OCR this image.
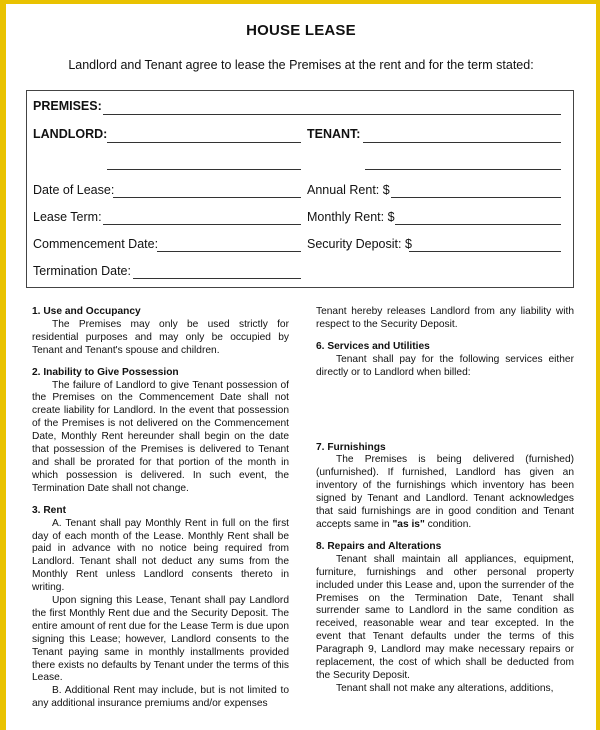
HOUSE LEASE
Landlord and Tenant agree to lease the Premises at the rent and for the term stated:
PREMISES:
LANDLORD:	TENANT:
Date of Lease:	Annual Rent: $
Lease Term:	Monthly Rent: $
Commencement Date:	Security Deposit: $
Termination Date:
1. Use and Occupancy

The Premises may only be used strictly for residential purposes and may only be occupied by Tenant and Tenant's spouse and children.

2. Inability to Give Possession

The failure of Landlord to give Tenant possession of the Premises on the Commencement Date shall not create liability for Landlord. In the event that possession of the Premises is not delivered on the Commencement Date, Monthly Rent hereunder shall begin on the date that possession of the Premises is delivered to Tenant and shall be prorated for that portion of the month in which possession is delivered. In such event, the Termination Date shall not change.

3. Rent

A. Tenant shall pay Monthly Rent in full on the first day of each month of the Lease. Monthly Rent shall be paid in advance with no notice being required from Landlord. Tenant shall not deduct any sums from the Monthly Rent unless Landlord consents thereto in writing.

Upon signing this Lease, Tenant shall pay Landlord the first Monthly Rent due and the Security Deposit. The entire amount of rent due for the Lease Term is due upon signing this Lease; however, Landlord consents to the Tenant paying same in monthly installments provided there exists no defaults by Tenant under the terms of this Lease.

B. Additional Rent may include, but is not limited to any additional insurance premiums and/or expenses

Tenant hereby releases Landlord from any liability with respect to the Security Deposit.

6. Services and Utilities

Tenant shall pay for the following services either directly or to Landlord when billed:

7. Furnishings

The Premises is being delivered (furnished) (unfurnished). If furnished, Landlord has given an inventory of the furnishings which inventory has been signed by Tenant and Landlord. Tenant acknowledges that said furnishings are in good condition and Tenant accepts same in "as is" condition.

8. Repairs and Alterations

Tenant shall maintain all appliances, equipment, furniture, furnishings and other personal property included under this Lease and, upon the surrender of the Premises on the Termination Date, Tenant shall surrender same to Landlord in the same condition as received, reasonable wear and tear excepted. In the event that Tenant defaults under the terms of this Paragraph 9, Landlord may make necessary repairs or replacement, the cost of which shall be deducted from the Security Deposit.

Tenant shall not make any alterations, additions,
